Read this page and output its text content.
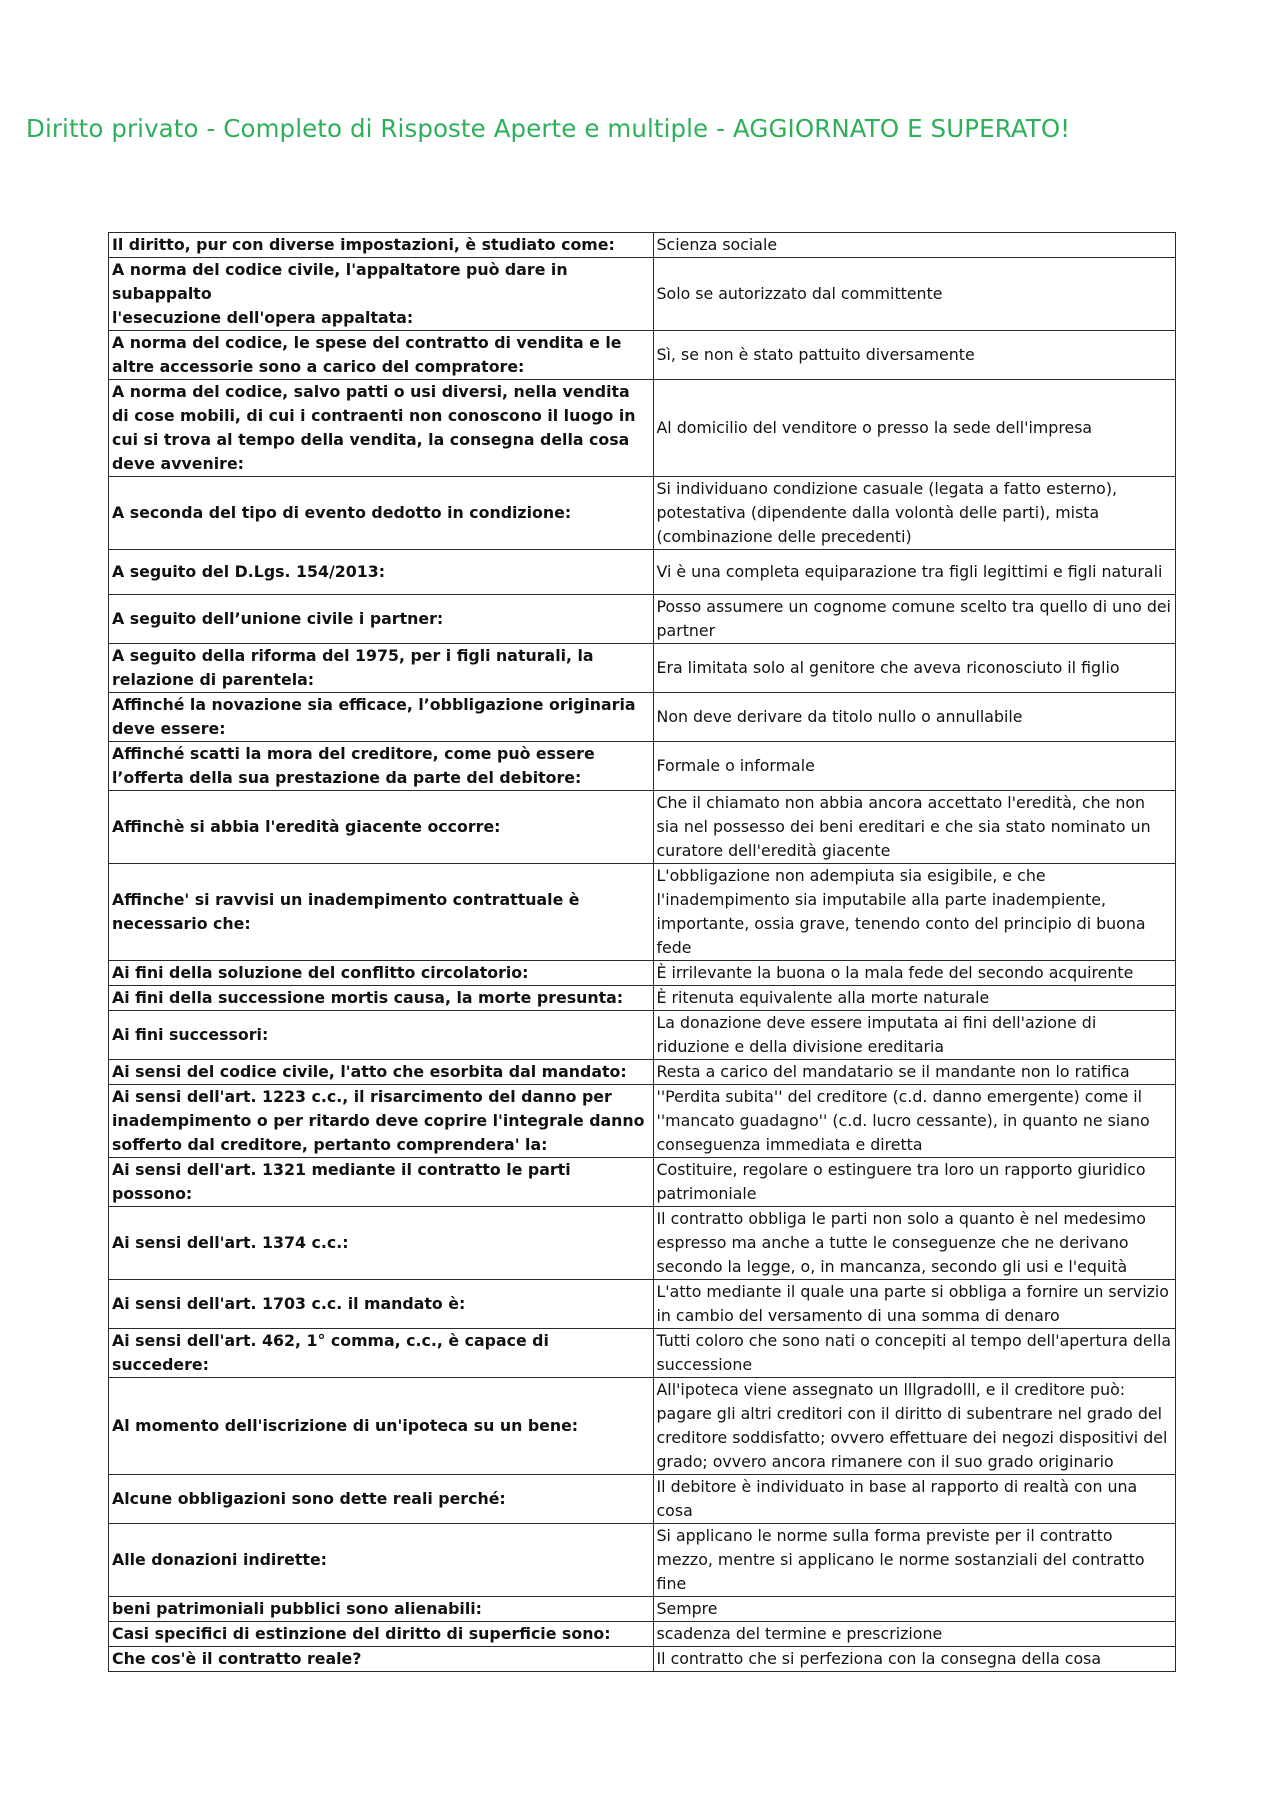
Diritto privato - Completo di Risposte Aperte e multiple - AGGIORNATO E SUPERATO!
Il diritto, pur con diverse impostazioni, è studiato come:	Scienza sociale
A norma del codice civile, l'appaltatore può dare in subappalto
l'esecuzione dell'opera appaltata:	Solo se autorizzato dal committente
A norma del codice, le spese del contratto di vendita e le altre accessorie sono a carico del compratore:	Sì, se non è stato pattuito diversamente
A norma del codice, salvo patti o usi diversi, nella vendita di cose mobili, di cui i contraenti non conoscono il luogo in cui si trova al tempo della vendita, la consegna della cosa deve avvenire:	Al domicilio del venditore o presso la sede dell'impresa
A seconda del tipo di evento dedotto in condizione:	Si individuano condizione casuale (legata a fatto esterno), potestativa (dipendente dalla volontà delle parti), mista (combinazione delle precedenti)
A seguito del D.Lgs. 154/2013:	Vi è una completa equiparazione tra figli legittimi e figli naturali
A seguito dell’unione civile i partner:	Posso assumere un cognome comune scelto tra quello di uno dei partner
A seguito della riforma del 1975, per i figli naturali, la relazione di parentela:	Era limitata solo al genitore che aveva riconosciuto il figlio
Affinché la novazione sia efficace, l’obbligazione originaria deve essere:	Non deve derivare da titolo nullo o annullabile
Affinché scatti la mora del creditore, come può essere l’offerta della sua prestazione da parte del debitore:	Formale o informale
Affinchè si abbia l'eredità giacente occorre:	Che il chiamato non abbia ancora accettato l'eredità, che non sia nel possesso dei beni ereditari e che sia stato nominato un curatore dell'eredità giacente
Affinche' si ravvisi un inadempimento contrattuale è necessario che:	L'obbligazione non adempiuta sia esigibile, e che l'inadempimento sia imputabile alla parte inadempiente, importante, ossia grave, tenendo conto del principio di buona fede
Ai fini della soluzione del conflitto circolatorio:	È irrilevante la buona o la mala fede del secondo acquirente
Ai fini della successione mortis causa, la morte presunta:	È ritenuta equivalente alla morte naturale
Ai fini successori:	La donazione deve essere imputata ai fini dell'azione di riduzione e della divisione ereditaria
Ai sensi del codice civile, l'atto che esorbita dal mandato:	Resta a carico del mandatario se il mandante non lo ratifica
Ai sensi dell'art. 1223 c.c., il risarcimento del danno per inadempimento o per ritardo deve coprire l'integrale danno sofferto dal creditore, pertanto comprendera' la:	''Perdita subita'' del creditore (c.d. danno emergente) come il ''mancato guadagno'' (c.d. lucro cessante), in quanto ne siano conseguenza immediata e diretta
Ai sensi dell'art. 1321 mediante il contratto le parti possono:	Costituire, regolare o estinguere tra loro un rapporto giuridico patrimoniale
Ai sensi dell'art. 1374 c.c.:	Il contratto obbliga le parti non solo a quanto è nel medesimo espresso ma anche a tutte le conseguenze che ne derivano secondo la legge, o, in mancanza, secondo gli usi e l'equità
Ai sensi dell'art. 1703 c.c. il mandato è:	L'atto mediante il quale una parte si obbliga a fornire un servizio in cambio del versamento di una somma di denaro
Ai sensi dell'art. 462, 1° comma, c.c., è capace di succedere:	Tutti coloro che sono nati o concepiti al tempo dell'apertura della successione
Al momento dell'iscrizione di un'ipoteca su un bene:	All'ipoteca viene assegnato un lllgradolll, e il creditore può: pagare gli altri creditori con il diritto di subentrare nel grado del creditore soddisfatto; ovvero effettuare dei negozi dispositivi del grado; ovvero ancora rimanere con il suo grado originario
Alcune obbligazioni sono dette reali perché:	Il debitore è individuato in base al rapporto di realtà con una cosa
Alle donazioni indirette:	Si applicano le norme sulla forma previste per il contratto mezzo, mentre si applicano le norme sostanziali del contratto fine
beni patrimoniali pubblici sono alienabili:	Sempre
Casi specifici di estinzione del diritto di superficie sono:	scadenza del termine e prescrizione
Che cos'è il contratto reale?	Il contratto che si perfeziona con la consegna della cosa
